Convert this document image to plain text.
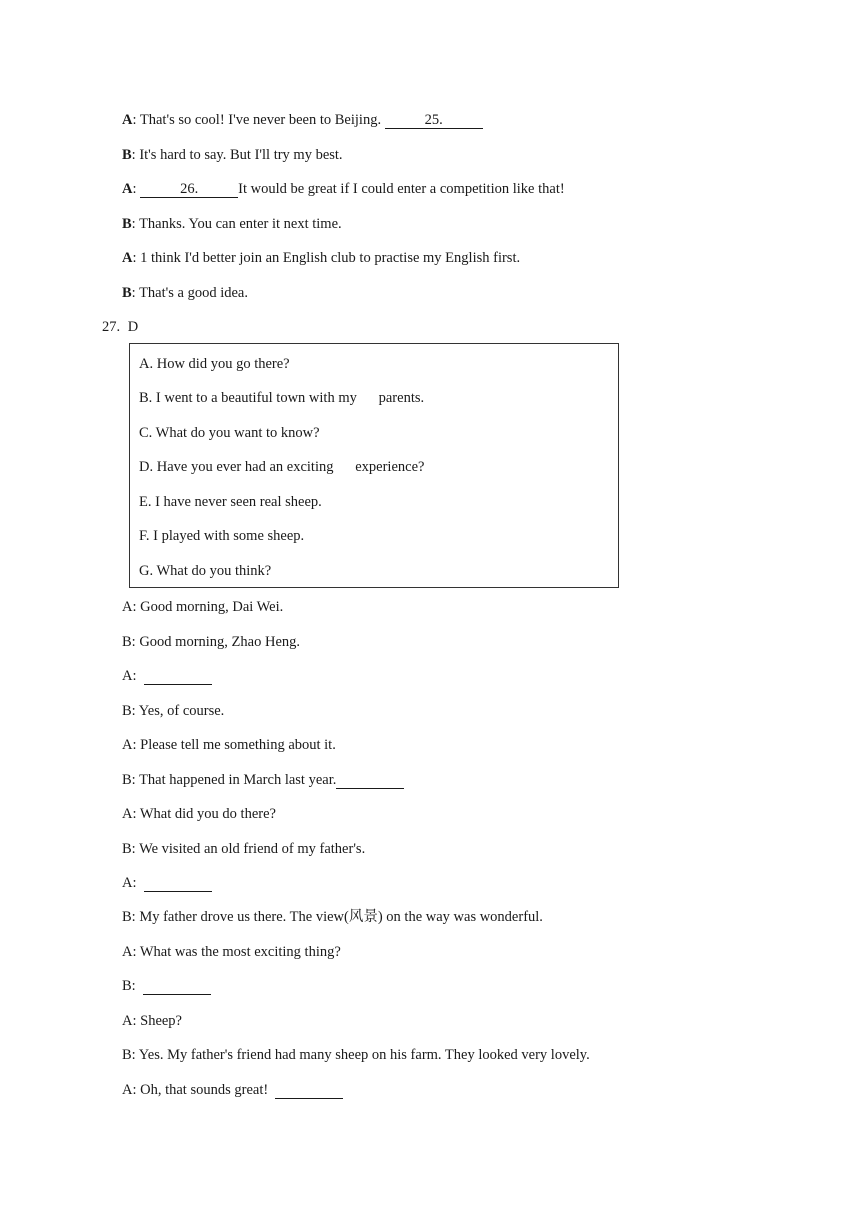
A: That's so cool! I've never been to Beijing.	25.
B: It's hard to say. But I'll try my best.
A:	26.	It would be great if I could enter a competition like that!
B: Thanks. You can enter it next time.
A: 1 think I'd better join an English club to practise my English first.
B: That's a good idea.
27. D
A. How did you go there?
B. I went to a beautiful town with my      parents.
C. What do you want to know?
D. Have you ever had an exciting      experience?
E. I have never seen real sheep.
F. I played with some sheep.
G. What do you think?
A: Good morning, Dai Wei.
B: Good morning, Zhao Heng.
A:
B: Yes, of course.
A: Please tell me something about it.
B: That happened in March last year.
A: What did you do there?
B: We visited an old friend of my father's.
A:
B: My father drove us there. The view(风景) on the way was wonderful.
A: What was the most exciting thing?
B:
A: Sheep?
B: Yes. My father's friend had many sheep on his farm. They looked very lovely.
A: Oh, that sounds great!
